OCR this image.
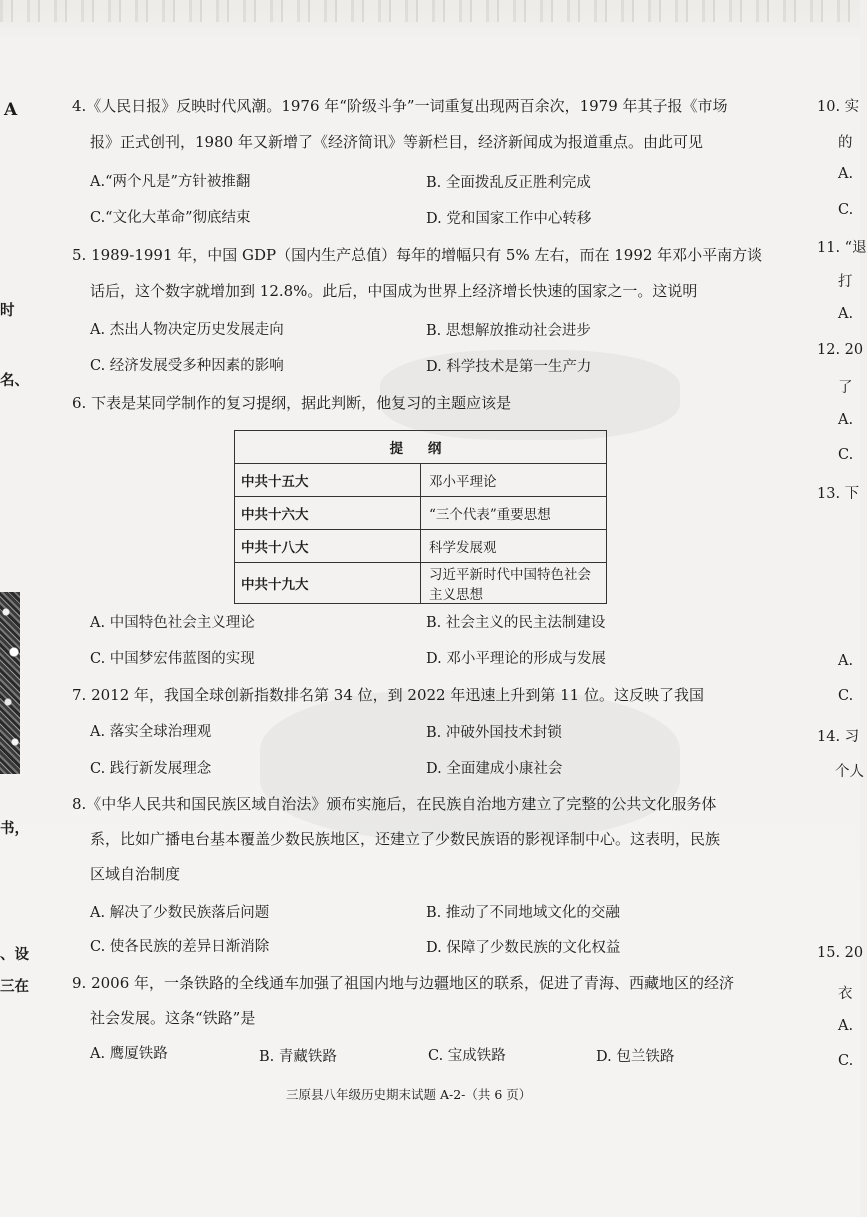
A
时
名、
书，
、设
三在
10. 实
的
A.
C.
11. “退
打
A.
12. 20
了
A.
C.
13. 下
A.
C.
14. 习
个人
15. 20
衣
A.
C.
4.《人民日报》反映时代风潮。1976 年“阶级斗争”一词重复出现两百余次，1979 年其子报《市场
报》正式创刊，1980 年又新增了《经济简讯》等新栏目，经济新闻成为报道重点。由此可见
A.“两个凡是”方针被推翻	B. 全面拨乱反正胜利完成
C.“文化大革命”彻底结束	D. 党和国家工作中心转移
5. 1989-1991 年，中国 GDP（国内生产总值）每年的增幅只有 5% 左右，而在 1992 年邓小平南方谈
话后，这个数字就增加到 12.8%。此后，中国成为世界上经济增长快速的国家之一。这说明
A. 杰出人物决定历史发展走向	B. 思想解放推动社会进步
C. 经济发展受多种因素的影响	D. 科学技术是第一生产力
6. 下表是某同学制作的复习提纲，据此判断，他复习的主题应该是
提 纲	
中共十五大	邓小平理论
中共十六大	“三个代表”重要思想
中共十八大	科学发展观
中共十九大	习近平新时代中国特色社会主义思想
A. 中国特色社会主义理论	B. 社会主义的民主法制建设
C. 中国梦宏伟蓝图的实现	D. 邓小平理论的形成与发展
7. 2012 年，我国全球创新指数排名第 34 位，到 2022 年迅速上升到第 11 位。这反映了我国
A. 落实全球治理观	B. 冲破外国技术封锁
C. 践行新发展理念	D. 全面建成小康社会
8.《中华人民共和国民族区域自治法》颁布实施后，在民族自治地方建立了完整的公共文化服务体
系，比如广播电台基本覆盖少数民族地区，还建立了少数民族语的影视译制中心。这表明，民族
区域自治制度
A. 解决了少数民族落后问题	B. 推动了不同地域文化的交融
C. 使各民族的差异日渐消除	D. 保障了少数民族的文化权益
9. 2006 年，一条铁路的全线通车加强了祖国内地与边疆地区的联系，促进了青海、西藏地区的经济
社会发展。这条“铁路”是
A. 鹰厦铁路	B. 青藏铁路	C. 宝成铁路	D. 包兰铁路
三原县八年级历史期末试题 A-2-（共 6 页）
